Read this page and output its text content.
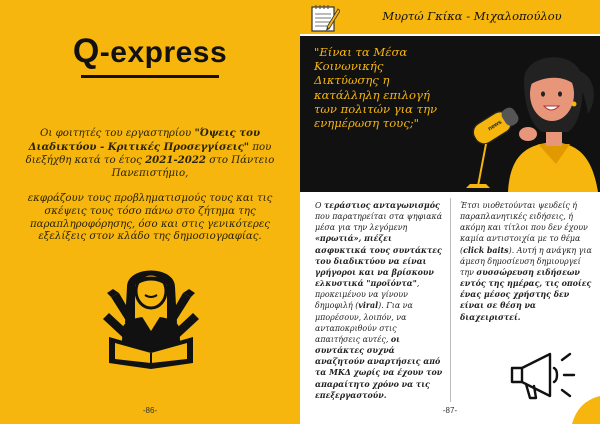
Q-express

Οι φοιτητές του εργαστηρίου "Όψεις του Διαδικτύου - Κριτικές Προσεγγίσεις" που διεξήχθη κατά το έτος 2021-2022 στο Πάντειο Πανεπιστήμιο,

εκφράζουν τους προβληματισμούς τους και τις σκέψεις τους τόσο πάνω στο ζήτημα της παραπληροφόρησης, όσο και στις γενικότερες εξελίξεις στον κλάδο της δημοσιογραφίας.

-86-
Μυρτώ Γκίκα - Μιχαλοπούλου
"Είναι τα Μέσα Κοινωνικής Δικτύωσης η κατάλληλη επιλογή των πολιτών για την ενημέρωση τους;"	news
Ο τεράστιος ανταγωνισμός που παρατηρείται στα ψηφιακά μέσα για την λεγόμενη «πρωτιά», πιέζει ασφυκτικά τους συντάκτες του διαδικτύου να είναι γρήγοροι και να βρίσκουν ελκυστικά "προϊόντα", προκειμένου να γίνουν δημοφιλή (viral). Για να μπορέσουν, λοιπόν, να ανταποκριθούν στις απαιτήσεις αυτές, οι συντάκτες συχνά αναζητούν αναρτήσεις από τα ΜΚΔ χωρίς να έχουν τον απαραίτητο χρόνο να τις επεξεργαστούν.
Έτσι υιοθετούνται ψευδείς ή παραπλανητικές ειδήσεις, ή ακόμη και τίτλοι που δεν έχουν καμία αντιστοιχία με το θέμα (click baits). Αυτή η ανάγκη για άμεση δημοσίευση δημιουργεί την συσσώρευση ειδήσεων εντός της ημέρας, τις οποίες ένας μέσος χρήστης δεν είναι σε θέση να διαχειριστεί.
-87-
